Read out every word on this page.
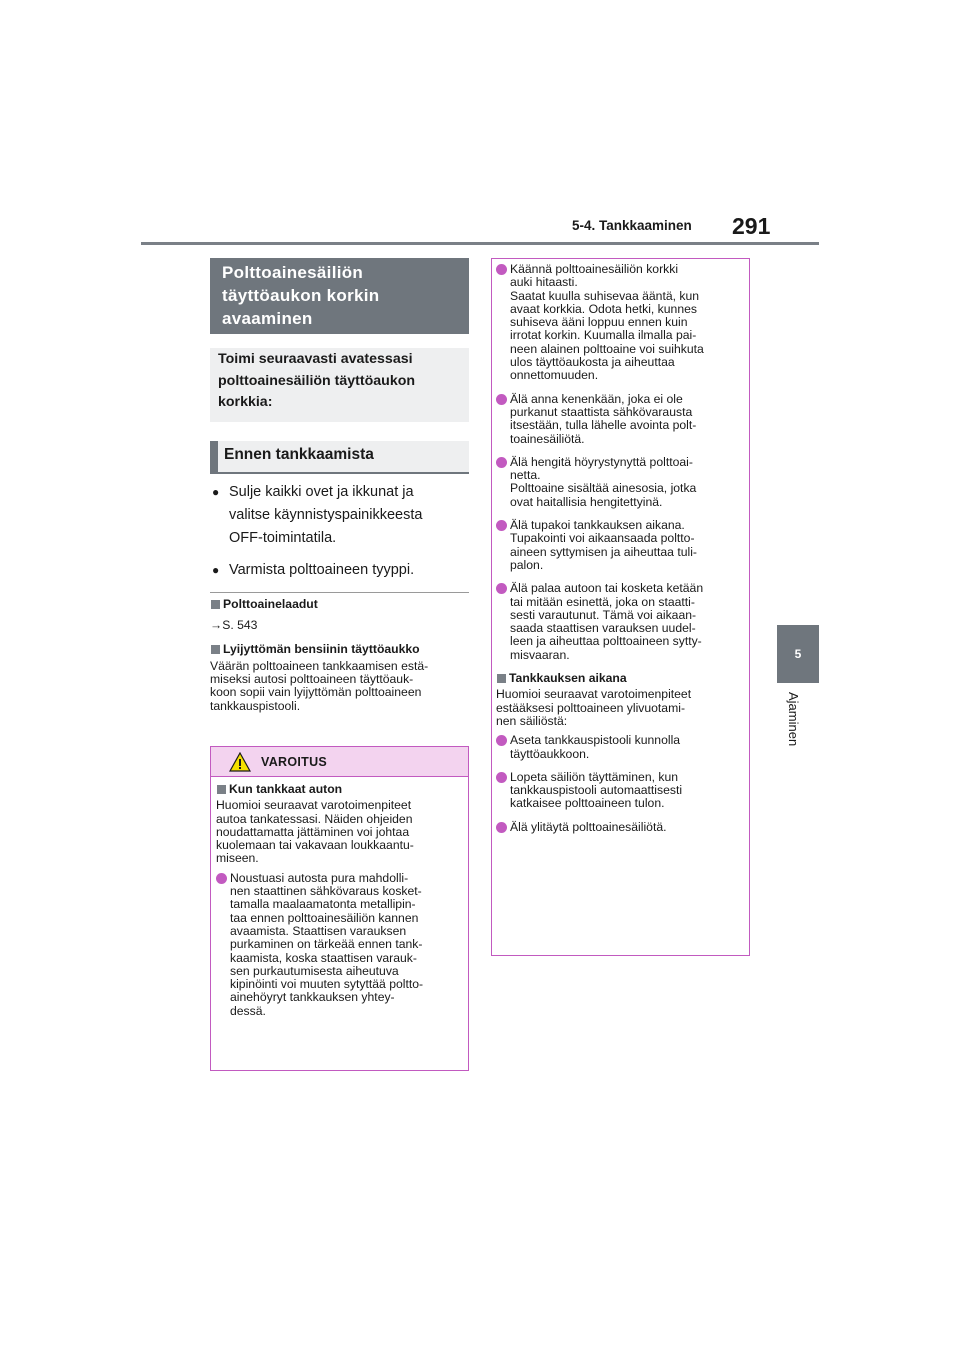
5-4. Tankkaaminen 291
5
Ajaminen
Polttoainesäiliön
täyttöaukon korkin
avaaminen
Toimi seuraavasti avatessasi
polttoainesäiliön täyttöaukon
korkkia:
Ennen tankkaamista
● Sulje kaikki ovet ja ikkunat ja
valitse käynnistyspainikkeesta
OFF-toimintatila.
● Varmista polttoaineen tyyppi.
Polttoainelaadut
→S. 543
Lyijyttömän bensiinin täyttöaukko
Väärän polttoaineen tankkaamisen estä-
miseksi autosi polttoaineen täyttöauk-
koon sopii vain lyijyttömän polttoaineen
tankkauspistooli.
VAROITUS
Kun tankkaat auton
Huomioi seuraavat varotoimenpiteet
autoa tankatessasi. Näiden ohjeiden
noudattamatta jättäminen voi johtaa
kuolemaan tai vakavaan loukkaantu-
miseen.
Noustuasi autosta pura mahdolli-
nen staattinen sähkövaraus kosket-
tamalla maalaamatonta metallipin-
taa ennen polttoainesäiliön kannen
avaamista. Staattisen varauksen
purkaminen on tärkeää ennen tank-
kaamista, koska staattisen varauk-
sen purkautumisesta aiheutuva
kipinöinti voi muuten sytyttää poltto-
ainehöyryt tankkauksen yhtey-
dessä.
Käännä polttoainesäiliön korkki
auki hitaasti.
Saatat kuulla suhisevaa ääntä, kun
avaat korkkia. Odota hetki, kunnes
suhiseva ääni loppuu ennen kuin
irrotat korkin. Kuumalla ilmalla pai-
neen alainen polttoaine voi suihkuta
ulos täyttöaukosta ja aiheuttaa
onnettomuuden.
Älä anna kenenkään, joka ei ole
purkanut staattista sähkövarausta
itsestään, tulla lähelle avointa polt-
toainesäiliötä.
Älä hengitä höyrystynyttä polttoai-
netta.
Polttoaine sisältää ainesosia, jotka
ovat haitallisia hengitettyinä.
Älä tupakoi tankkauksen aikana.
Tupakointi voi aikaansaada poltto-
aineen syttymisen ja aiheuttaa tuli-
palon.
Älä palaa autoon tai kosketa ketään
tai mitään esinettä, joka on staatti-
sesti varautunut. Tämä voi aikaan-
saada staattisen varauksen uudel-
leen ja aiheuttaa polttoaineen sytty-
misvaaran.
Tankkauksen aikana
Huomioi seuraavat varotoimenpiteet
estääksesi polttoaineen ylivuotami-
nen säiliöstä:
Aseta tankkauspistooli kunnolla
täyttöaukkoon.
Lopeta säiliön täyttäminen, kun
tankkauspistooli automaattisesti
katkaisee polttoaineen tulon.
Älä ylitäytä polttoainesäiliötä.
